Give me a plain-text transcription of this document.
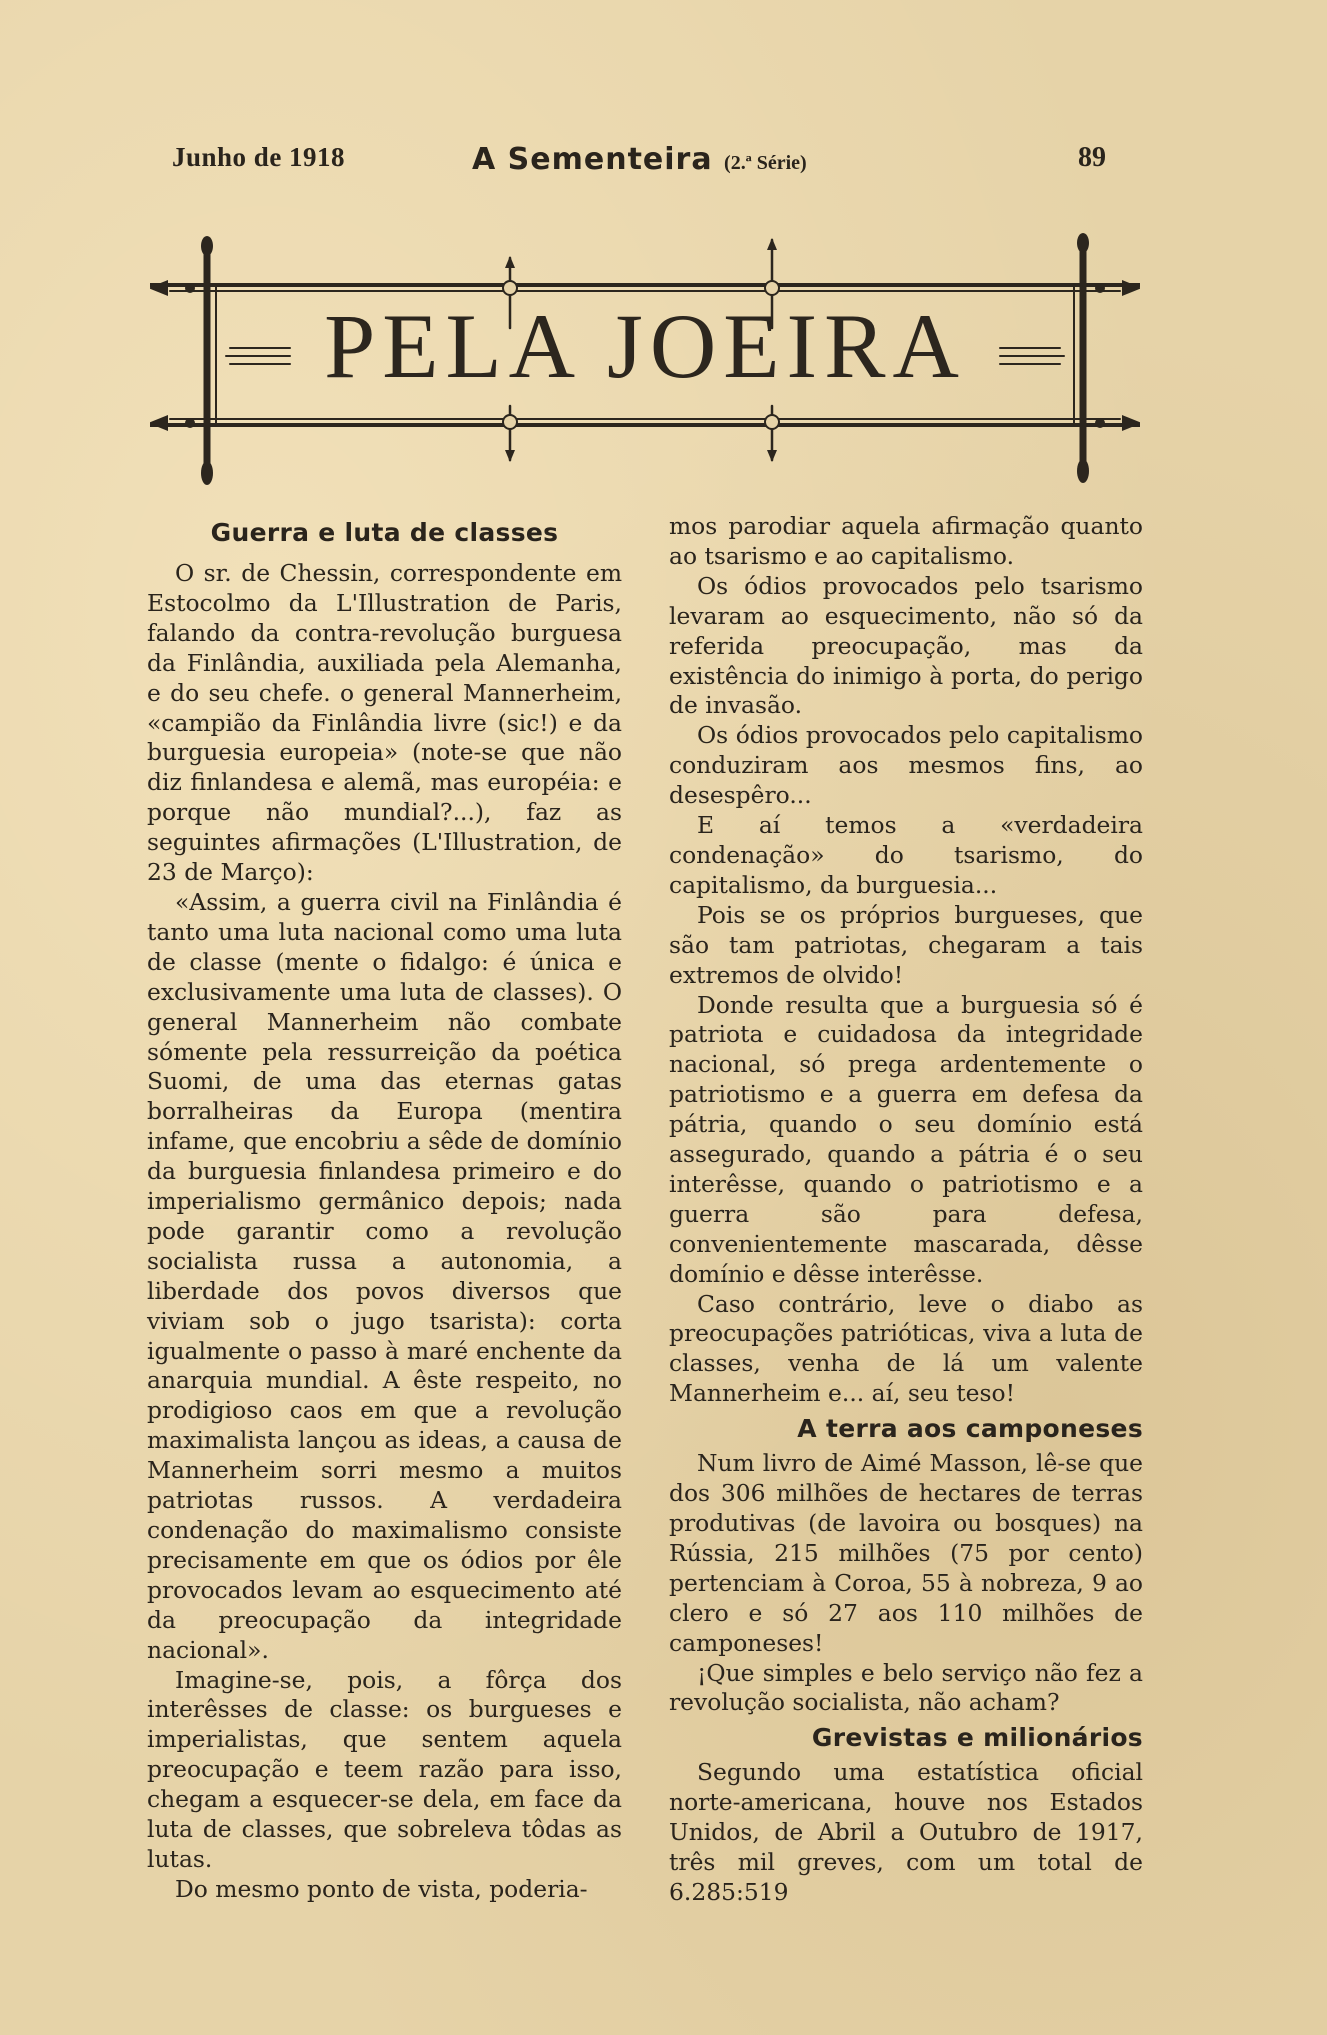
Junho de 1918	A Sementeira (2.ª Série)	89
PELA JOEIRA
Guerra e luta de classes

O sr. de Chessin, correspondente em Estocolmo da L'Illustration de Paris, falando da contra-revolução burguesa da Finlândia, auxiliada pela Alemanha, e do seu chefe. o general Mannerheim, «campião da Finlândia livre (sic!) e da burguesia europeia» (note-se que não diz finlandesa e alemã, mas européia: e porque não mundial?...), faz as seguintes afirmações (L'Illustration, de 23 de Março):

«Assim, a guerra civil na Finlândia é tanto uma luta nacional como uma luta de classe (mente o fidalgo: é única e exclusivamente uma luta de classes). O general Mannerheim não combate sómente pela ressurreição da poética Suomi, de uma das eternas gatas borralheiras da Europa (mentira infame, que encobriu a sêde de domínio da burguesia finlandesa primeiro e do imperialismo germânico depois; nada pode garantir como a revolução socialista russa a autonomia, a liberdade dos povos diversos que viviam sob o jugo tsarista): corta igualmente o passo à maré enchente da anarquia mundial. A êste respeito, no prodigioso caos em que a revolução maximalista lançou as ideas, a causa de Mannerheim sorri mesmo a muitos patriotas russos. A verdadeira condenação do maximalismo consiste precisamente em que os ódios por êle provocados levam ao esquecimento até da preocupação da integridade nacional».

Imagine-se, pois, a fôrça dos interêsses de classe: os burgueses e imperialistas, que sentem aquela preocupação e teem razão para isso, chegam a esquecer-se dela, em face da luta de classes, que sobreleva tôdas as lutas.

Do mesmo ponto de vista, poderia-

mos parodiar aquela afirmação quanto ao tsarismo e ao capitalismo.

Os ódios provocados pelo tsarismo levaram ao esquecimento, não só da referida preocupação, mas da existência do inimigo à porta, do perigo de invasão.

Os ódios provocados pelo capitalismo conduziram aos mesmos fins, ao desespêro...

E aí temos a «verdadeira condenação» do tsarismo, do capitalismo, da burguesia...

Pois se os próprios burgueses, que são tam patriotas, chegaram a tais extremos de olvido!

Donde resulta que a burguesia só é patriota e cuidadosa da integridade nacional, só prega ardentemente o patriotismo e a guerra em defesa da pátria, quando o seu domínio está assegurado, quando a pátria é o seu interêsse, quando o patriotismo e a guerra são para defesa, convenientemente mascarada, dêsse domínio e dêsse interêsse.

Caso contrário, leve o diabo as preocupações patrióticas, viva a luta de classes, venha de lá um valente Mannerheim e... aí, seu teso!

A terra aos camponeses

Num livro de Aimé Masson, lê-se que dos 306 milhões de hectares de terras produtivas (de lavoira ou bosques) na Rússia, 215 milhões (75 por cento) pertenciam à Coroa, 55 à nobreza, 9 ao clero e só 27 aos 110 milhões de camponeses!

¡Que simples e belo serviço não fez a revolução socialista, não acham?

Grevistas e milionários

Segundo uma estatística oficial norte-americana, houve nos Estados Unidos, de Abril a Outubro de 1917, três mil greves, com um total de 6.285:519
